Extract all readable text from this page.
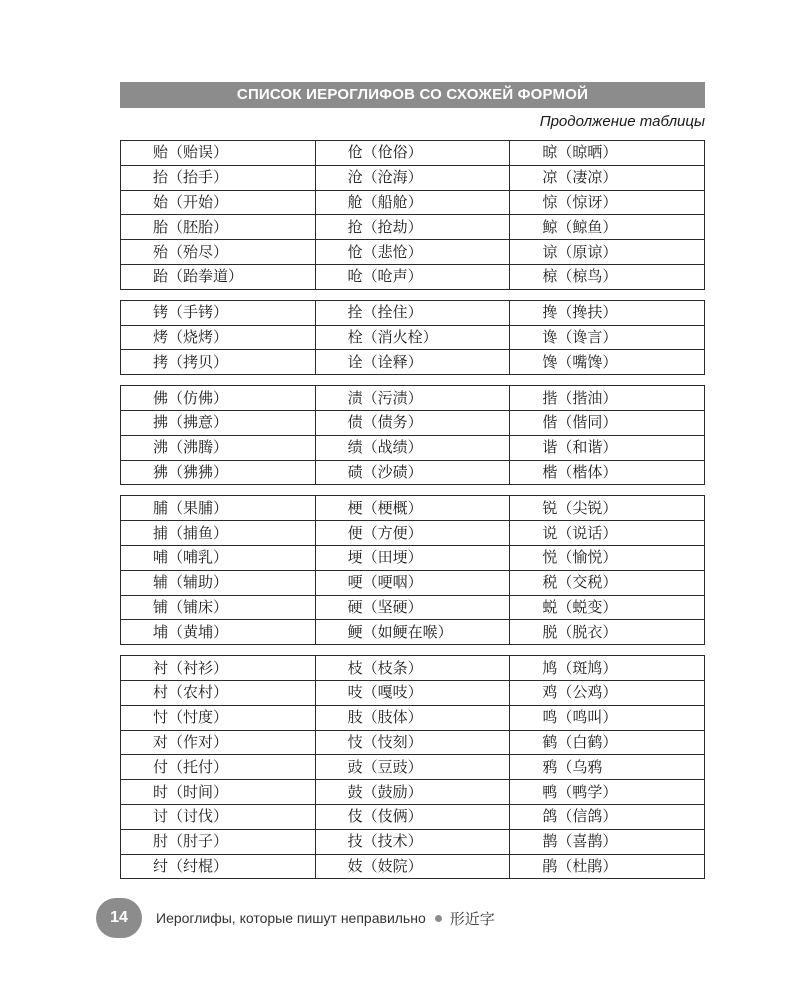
СПИСОК ИЕРОГЛИФОВ СО СХОЖЕЙ ФОРМОЙ
Продолжение таблицы
贻（贻误）	伧（伧俗）	晾（晾晒）
抬（抬手）	沧（沧海）	凉（凄凉）
始（开始）	舱（船舱）	惊（惊讶）
胎（胚胎）	抢（抢劫）	鲸（鲸鱼）
殆（殆尽）	怆（悲怆）	谅（原谅）
跆（跆拳道）	呛（呛声）	椋（椋鸟）
铐（手铐）	拴（拴住）	搀（搀扶）
烤（烧烤）	栓（消火栓）	谗（谗言）
拷（拷贝）	诠（诠释）	馋（嘴馋）
佛（仿佛）	渍（污渍）	揩（揩油）
拂（拂意）	债（债务）	偕（偕同）
沸（沸腾）	绩（战绩）	谐（和谐）
狒（狒狒）	碛（沙碛）	楷（楷体）
脯（果脯）	梗（梗概）	锐（尖锐）
捕（捕鱼）	便（方便）	说（说话）
哺（哺乳）	埂（田埂）	悦（愉悦）
辅（辅助）	哽（哽咽）	税（交税）
铺（铺床）	硬（坚硬）	蜕（蜕变）
埔（黄埔）	鲠（如鲠在喉）	脱（脱衣）
衬（衬衫）	枝（枝条）	鸠（斑鸠）
村（农村）	吱（嘎吱）	鸡（公鸡）
忖（忖度）	肢（肢体）	鸣（鸣叫）
对（作对）	忮（忮刻）	鹤（白鹤）
付（托付）	豉（豆豉）	鸦（乌鸦
时（时间）	鼓（鼓励）	鸭（鸭学）
讨（讨伐）	伎（伎俩）	鸽（信鸽）
肘（肘子）	技（技术）	鹊（喜鹊）
纣（纣棍）	妓（妓院）	鹃（杜鹃）
14	Иероглифы, которые пишут неправильно 形近字
